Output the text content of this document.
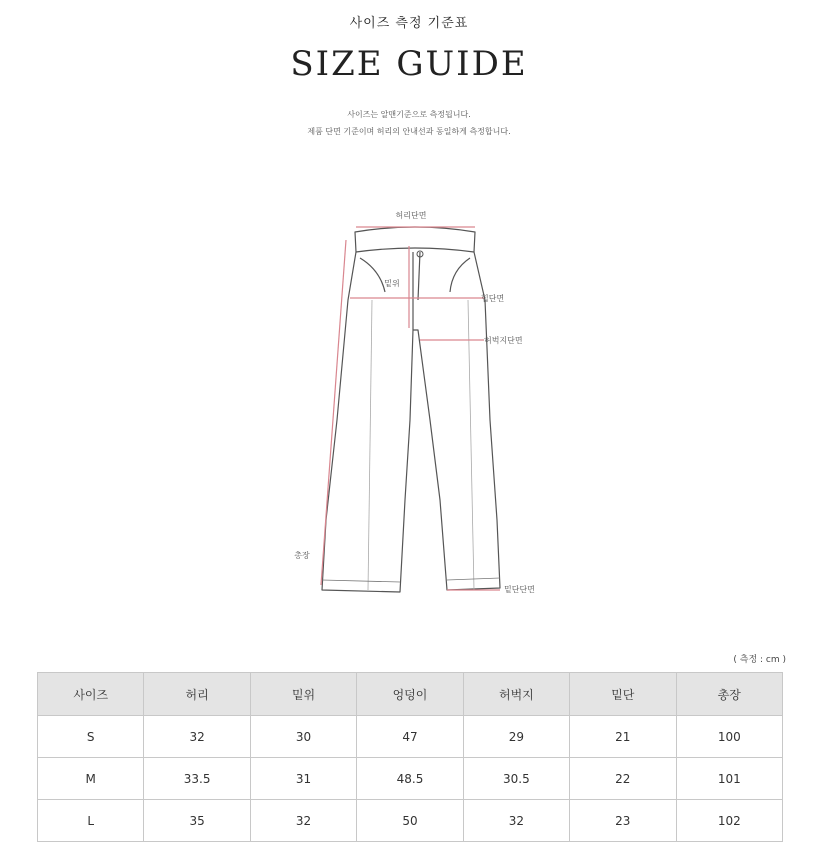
사이즈 측정 기준표
SIZE GUIDE
사이즈는 알맨기준으로 측정됩니다.
제품 단면 기준이며 허리의 안내선과 동일하게 측정합니다.
허리단면
밑위
힙단면
허벅지단면
총장
밑단단면
( 측정 : cm )
사이즈	허리	밑위	엉덩이	허벅지	밑단	총장
S	32	30	47	29	21	100
M	33.5	31	48.5	30.5	22	101
L	35	32	50	32	23	102
